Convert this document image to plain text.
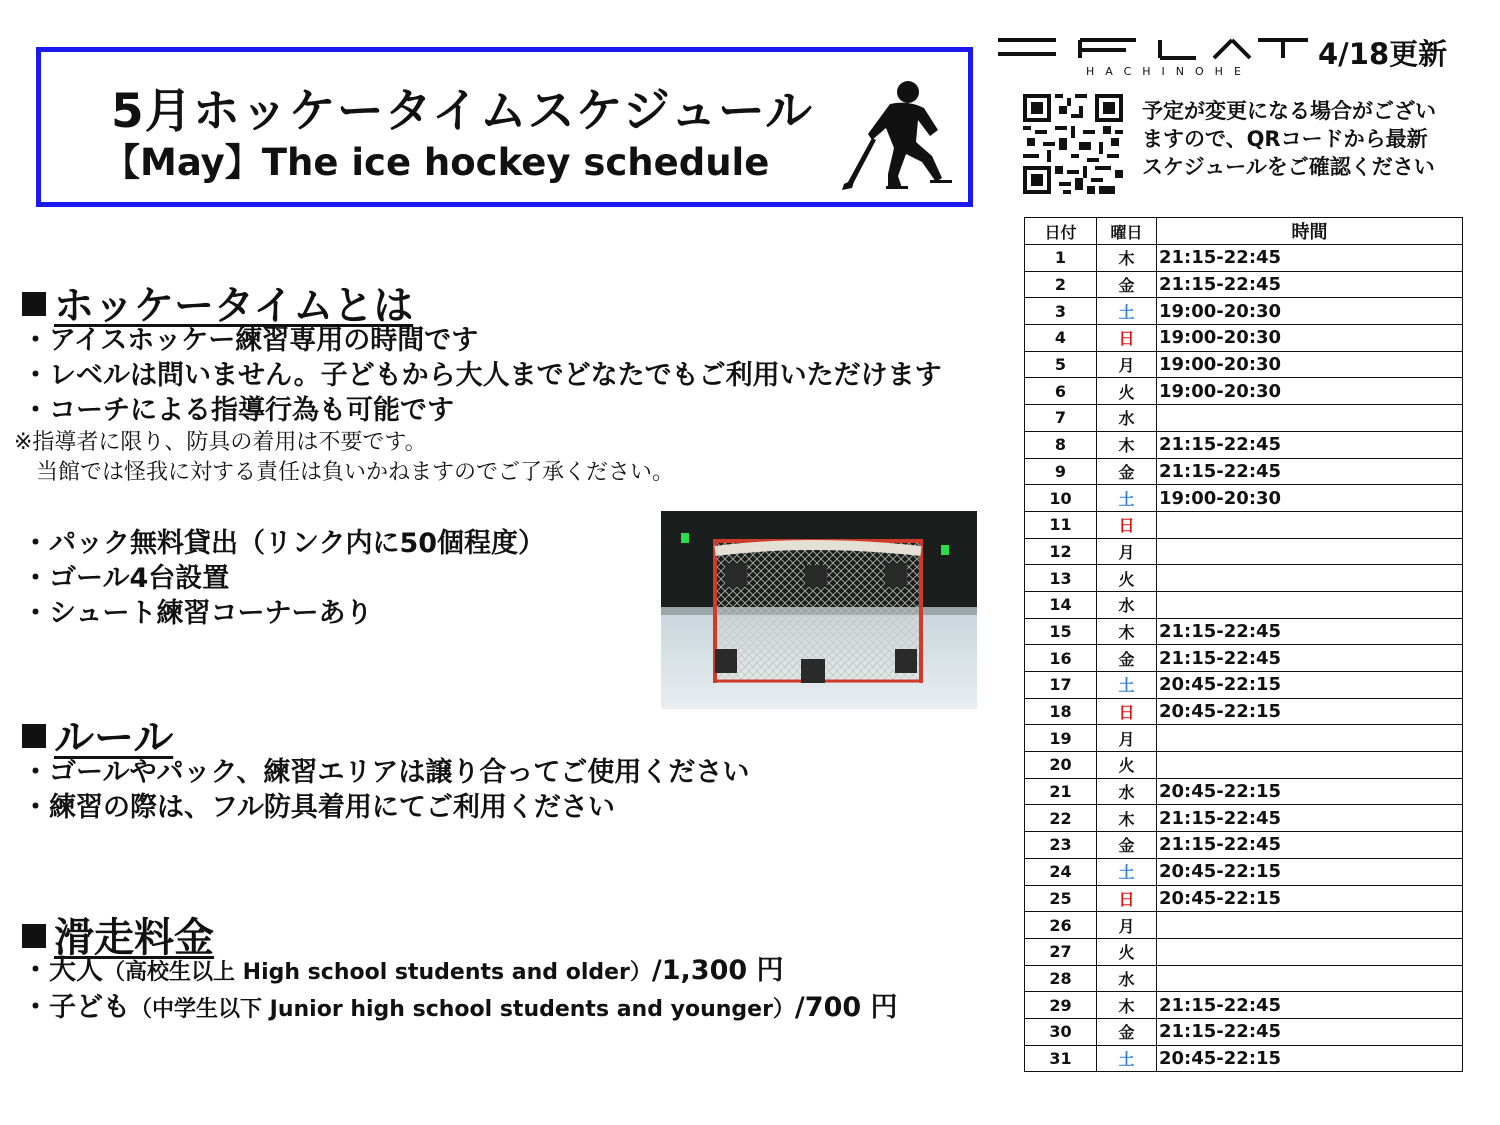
5月ホッケータイムスケジュール
【May】The ice hockey schedule
HACHINOHE
4/18更新
予定が変更になる場合がござい
ますので、QRコードから最新
スケジュールをご確認ください
ホッケータイムとは
・アイスホッケー練習専用の時間です
・レベルは問いません。子どもから大人までどなたでもご利用いただけます
・コーチによる指導行為も可能です
※指導者に限り、防具の着用は不要です。
　当館では怪我に対する責任は負いかねますのでご了承ください。
・パック無料貸出（リンク内に50個程度）
・ゴール4台設置
・シュート練習コーナーあり
ルール
・ゴールやパック、練習エリアは譲り合ってご使用ください
・練習の際は、フル防具着用にてご利用ください
滑走料金
・大人（高校生以上 High school students and older）/1,300 円
・子ども（中学生以下 Junior high school students and younger）/700 円
日付	曜日	時間
1	木	21:15-22:45
2	金	21:15-22:45
3	土	19:00-20:30
4	日	19:00-20:30
5	月	19:00-20:30
6	火	19:00-20:30
7	水	
8	木	21:15-22:45
9	金	21:15-22:45
10	土	19:00-20:30
11	日	
12	月	
13	火	
14	水	
15	木	21:15-22:45
16	金	21:15-22:45
17	土	20:45-22:15
18	日	20:45-22:15
19	月	
20	火	
21	水	20:45-22:15
22	木	21:15-22:45
23	金	21:15-22:45
24	土	20:45-22:15
25	日	20:45-22:15
26	月	
27	火	
28	水	
29	木	21:15-22:45
30	金	21:15-22:45
31	土	20:45-22:15
